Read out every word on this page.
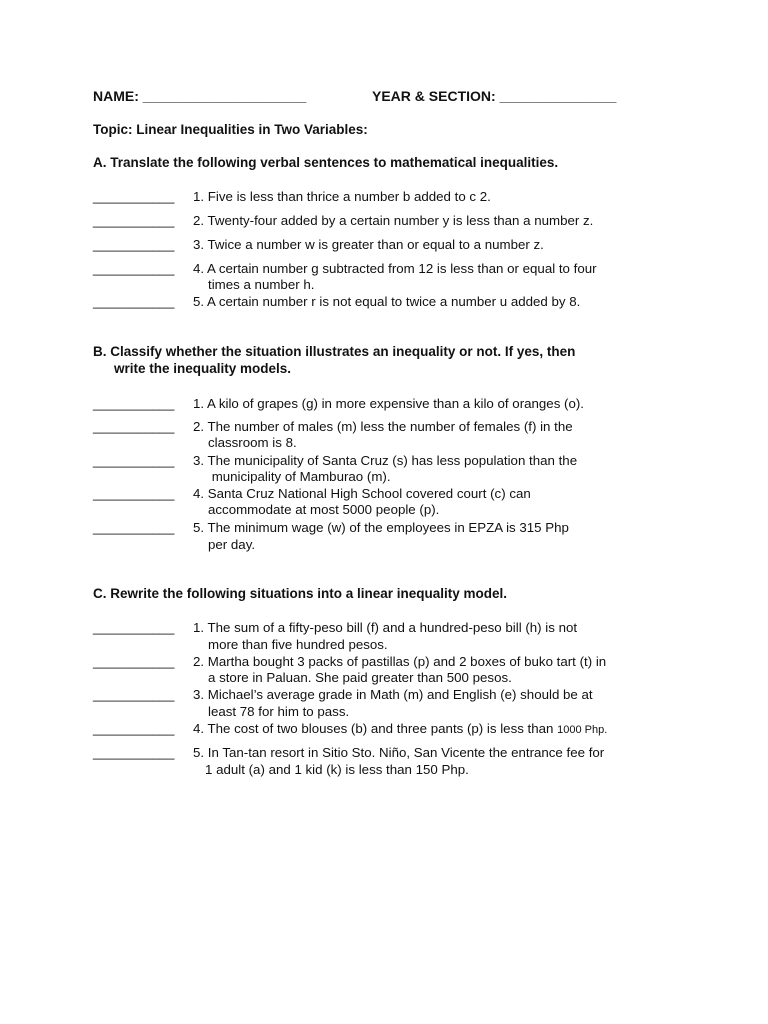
NAME: _____________________	YEAR & SECTION: _______________
Topic: Linear Inequalities in Two Variables:
A. Translate the following verbal sentences to mathematical inequalities.
___________ 1. Five is less than thrice a number b added to c 2.
___________ 2. Twenty-four added by a certain number y is less than a number z.
___________ 3. Twice a number w is greater than or equal to a number z.
___________ 4. A certain number g subtracted from 12 is less than or equal to four
times a number h.
___________ 5. A certain number r is not equal to twice a number u added by 8.
B. Classify whether the situation illustrates an inequality or not. If yes, then
write the inequality models.
___________ 1. A kilo of grapes (g) in more expensive than a kilo of oranges (o).
___________ 2. The number of males (m) less the number of females (f) in the
classroom is 8.
___________ 3. The municipality of Santa Cruz (s) has less population than the
municipality of Mamburao (m).
___________ 4. Santa Cruz National High School covered court (c) can
accommodate at most 5000 people (p).
___________ 5. The minimum wage (w) of the employees in EPZA is 315 Php
per day.
C. Rewrite the following situations into a linear inequality model.
___________ 1. The sum of a fifty-peso bill (f) and a hundred-peso bill (h) is not
more than five hundred pesos.
___________ 2. Martha bought 3 packs of pastillas (p) and 2 boxes of buko tart (t) in
a store in Paluan. She paid greater than 500 pesos.
___________ 3. Michael’s average grade in Math (m) and English (e) should be at
least 78 for him to pass.
___________ 4. The cost of two blouses (b) and three pants (p) is less than 1000 Php.
___________ 5. In Tan-tan resort in Sitio Sto. Niño, San Vicente the entrance fee for
1 adult (a) and 1 kid (k) is less than 150 Php.
